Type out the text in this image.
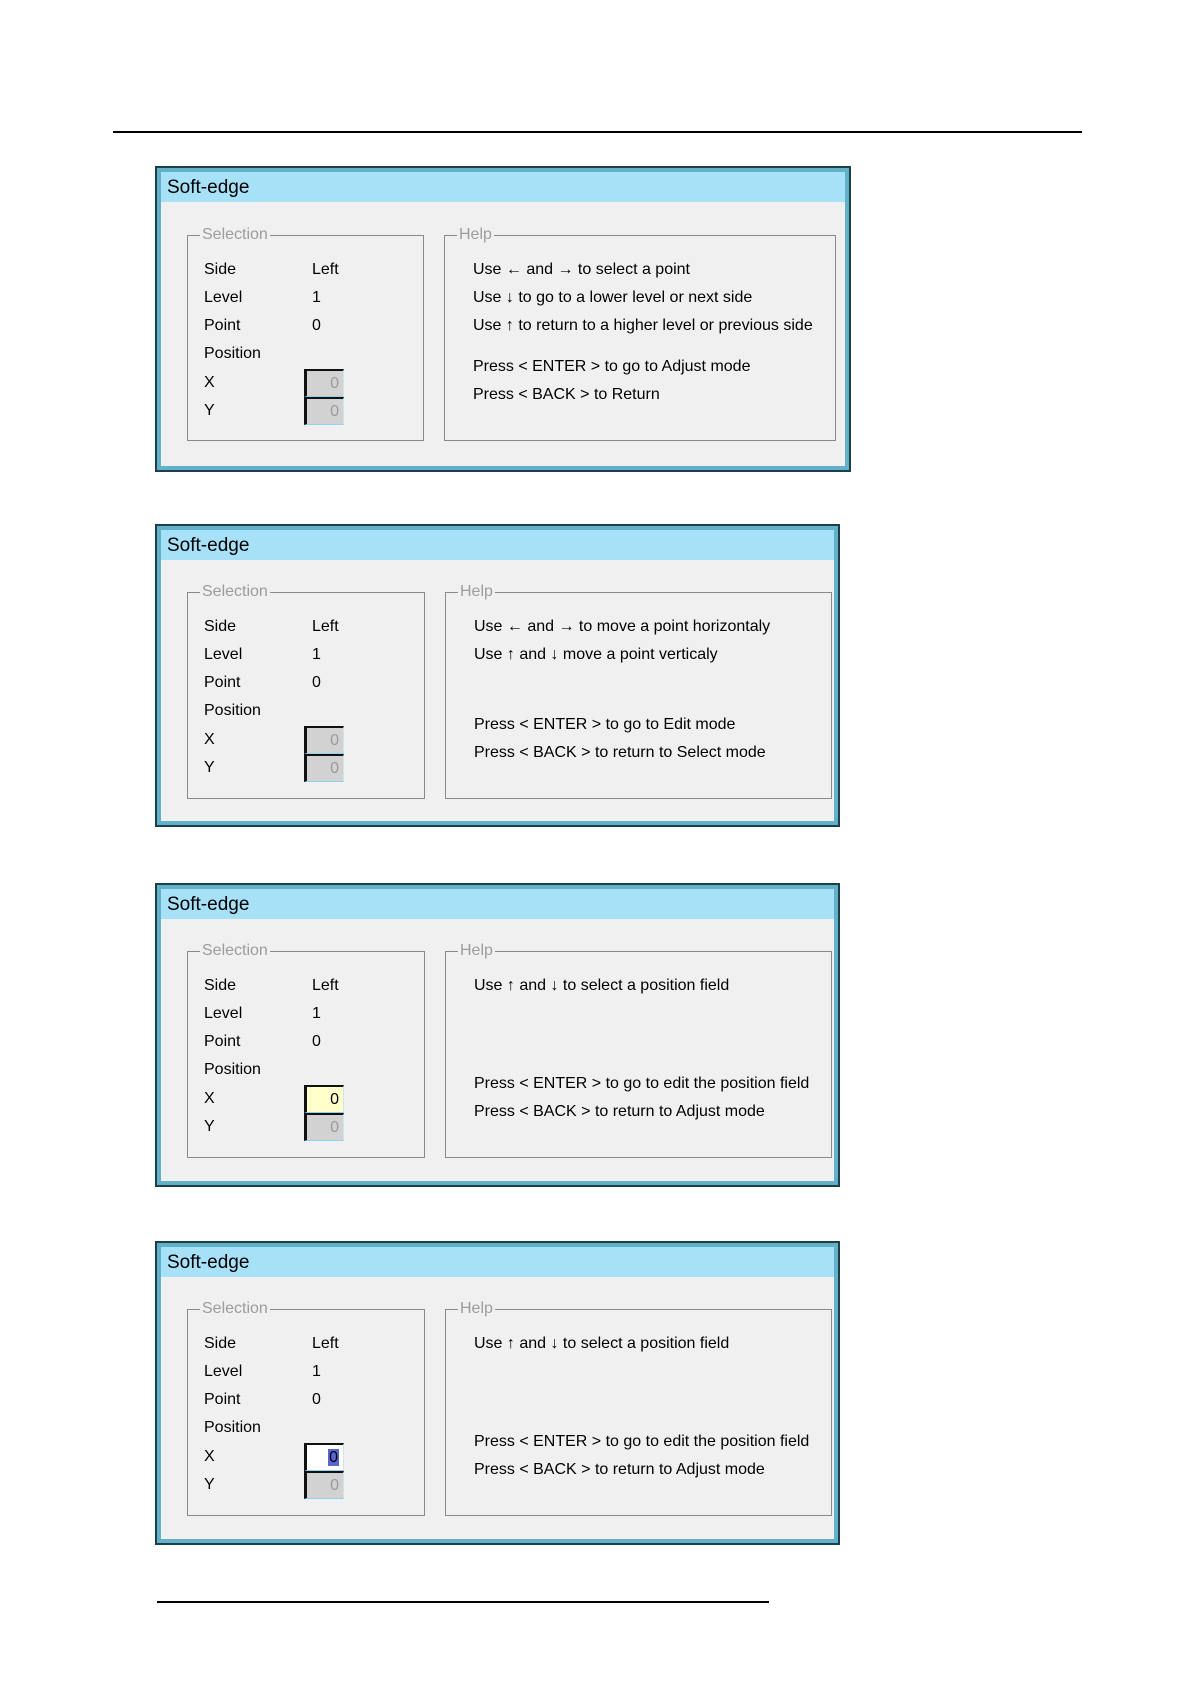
Soft-edge
Selection
Side	Left
Level	1
Point	0
Position
X	0
Y	0
Help
Use ← and → to select a point
Use ↓ to go to a lower level or next side
Use ↑ to return to a higher level or previous side
Press < ENTER > to go to Adjust mode
Press < BACK > to Return
Soft-edge
Selection
Side	Left
Level	1
Point	0
Position
X	0
Y	0
Help
Use ← and → to move a point horizontaly
Use ↑ and ↓ move a point verticaly
Press < ENTER > to go to Edit mode
Press < BACK > to return to Select mode
Soft-edge
Selection
Side	Left
Level	1
Point	0
Position
X	0
Y	0
Help
Use ↑ and ↓ to select a position field
Press < ENTER > to go to edit the position field
Press < BACK > to return to Adjust mode
Soft-edge
Selection
Side	Left
Level	1
Point	0
Position
X	0
Y	0
Help
Use ↑ and ↓ to select a position field
Press < ENTER > to go to edit the position field
Press < BACK > to return to Adjust mode
